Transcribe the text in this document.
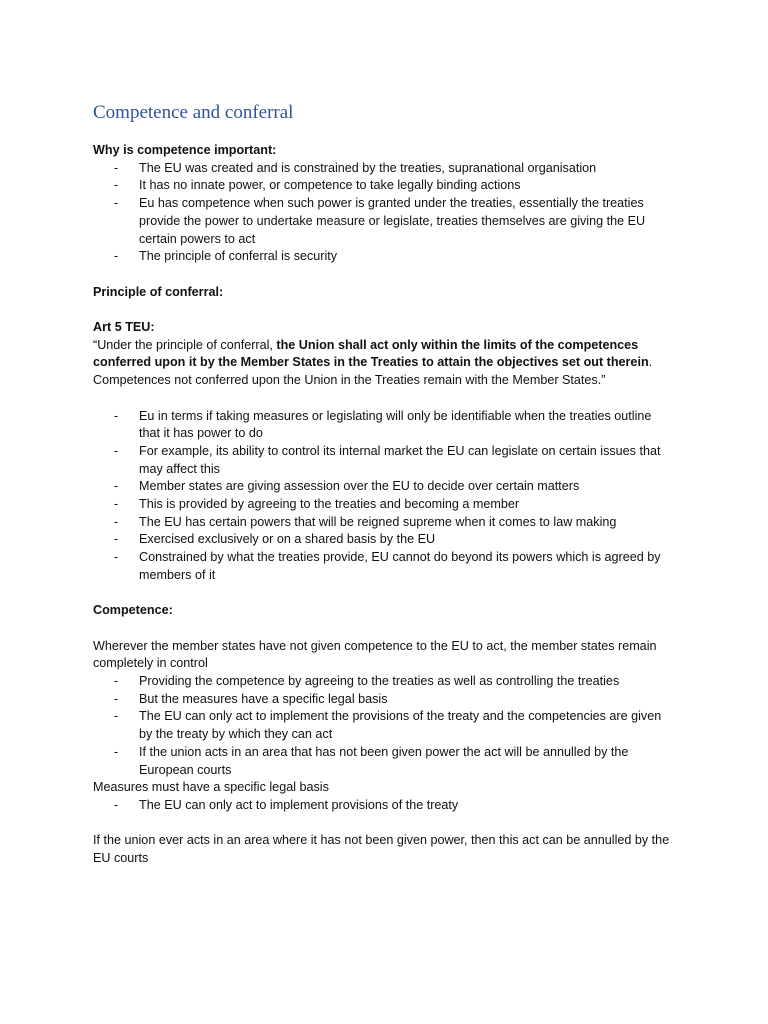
Competence and conferral

Why is competence important:

- The EU was created and is constrained by the treaties, supranational organisation
- It has no innate power, or competence to take legally binding actions
- Eu has competence when such power is granted under the treaties, essentially the treaties provide the power to undertake measure or legislate, treaties themselves are giving the EU certain powers to act
- The principle of conferral is security

Principle of conferral:

Art 5 TEU:

“Under the principle of conferral, the Union shall act only within the limits of the competences conferred upon it by the Member States in the Treaties to attain the objectives set out therein. Competences not conferred upon the Union in the Treaties remain with the Member States.”

- Eu in terms if taking measures or legislating will only be identifiable when the treaties outline that it has power to do
- For example, its ability to control its internal market the EU can legislate on certain issues that may affect this
- Member states are giving assession over the EU to decide over certain matters
- This is provided by agreeing to the treaties and becoming a member
- The EU has certain powers that will be reigned supreme when it comes to law making
- Exercised exclusively or on a shared basis by the EU
- Constrained by what the treaties provide, EU cannot do beyond its powers which is agreed by members of it

Competence:

Wherever the member states have not given competence to the EU to act, the member states remain completely in control

- Providing the competence by agreeing to the treaties as well as controlling the treaties
- But the measures have a specific legal basis
- The EU can only act to implement the provisions of the treaty and the competencies are given by the treaty by which they can act
- If the union acts in an area that has not been given power the act will be annulled by the European courts

Measures must have a specific legal basis

- The EU can only act to implement provisions of the treaty

If the union ever acts in an area where it has not been given power, then this act can be annulled by the EU courts
